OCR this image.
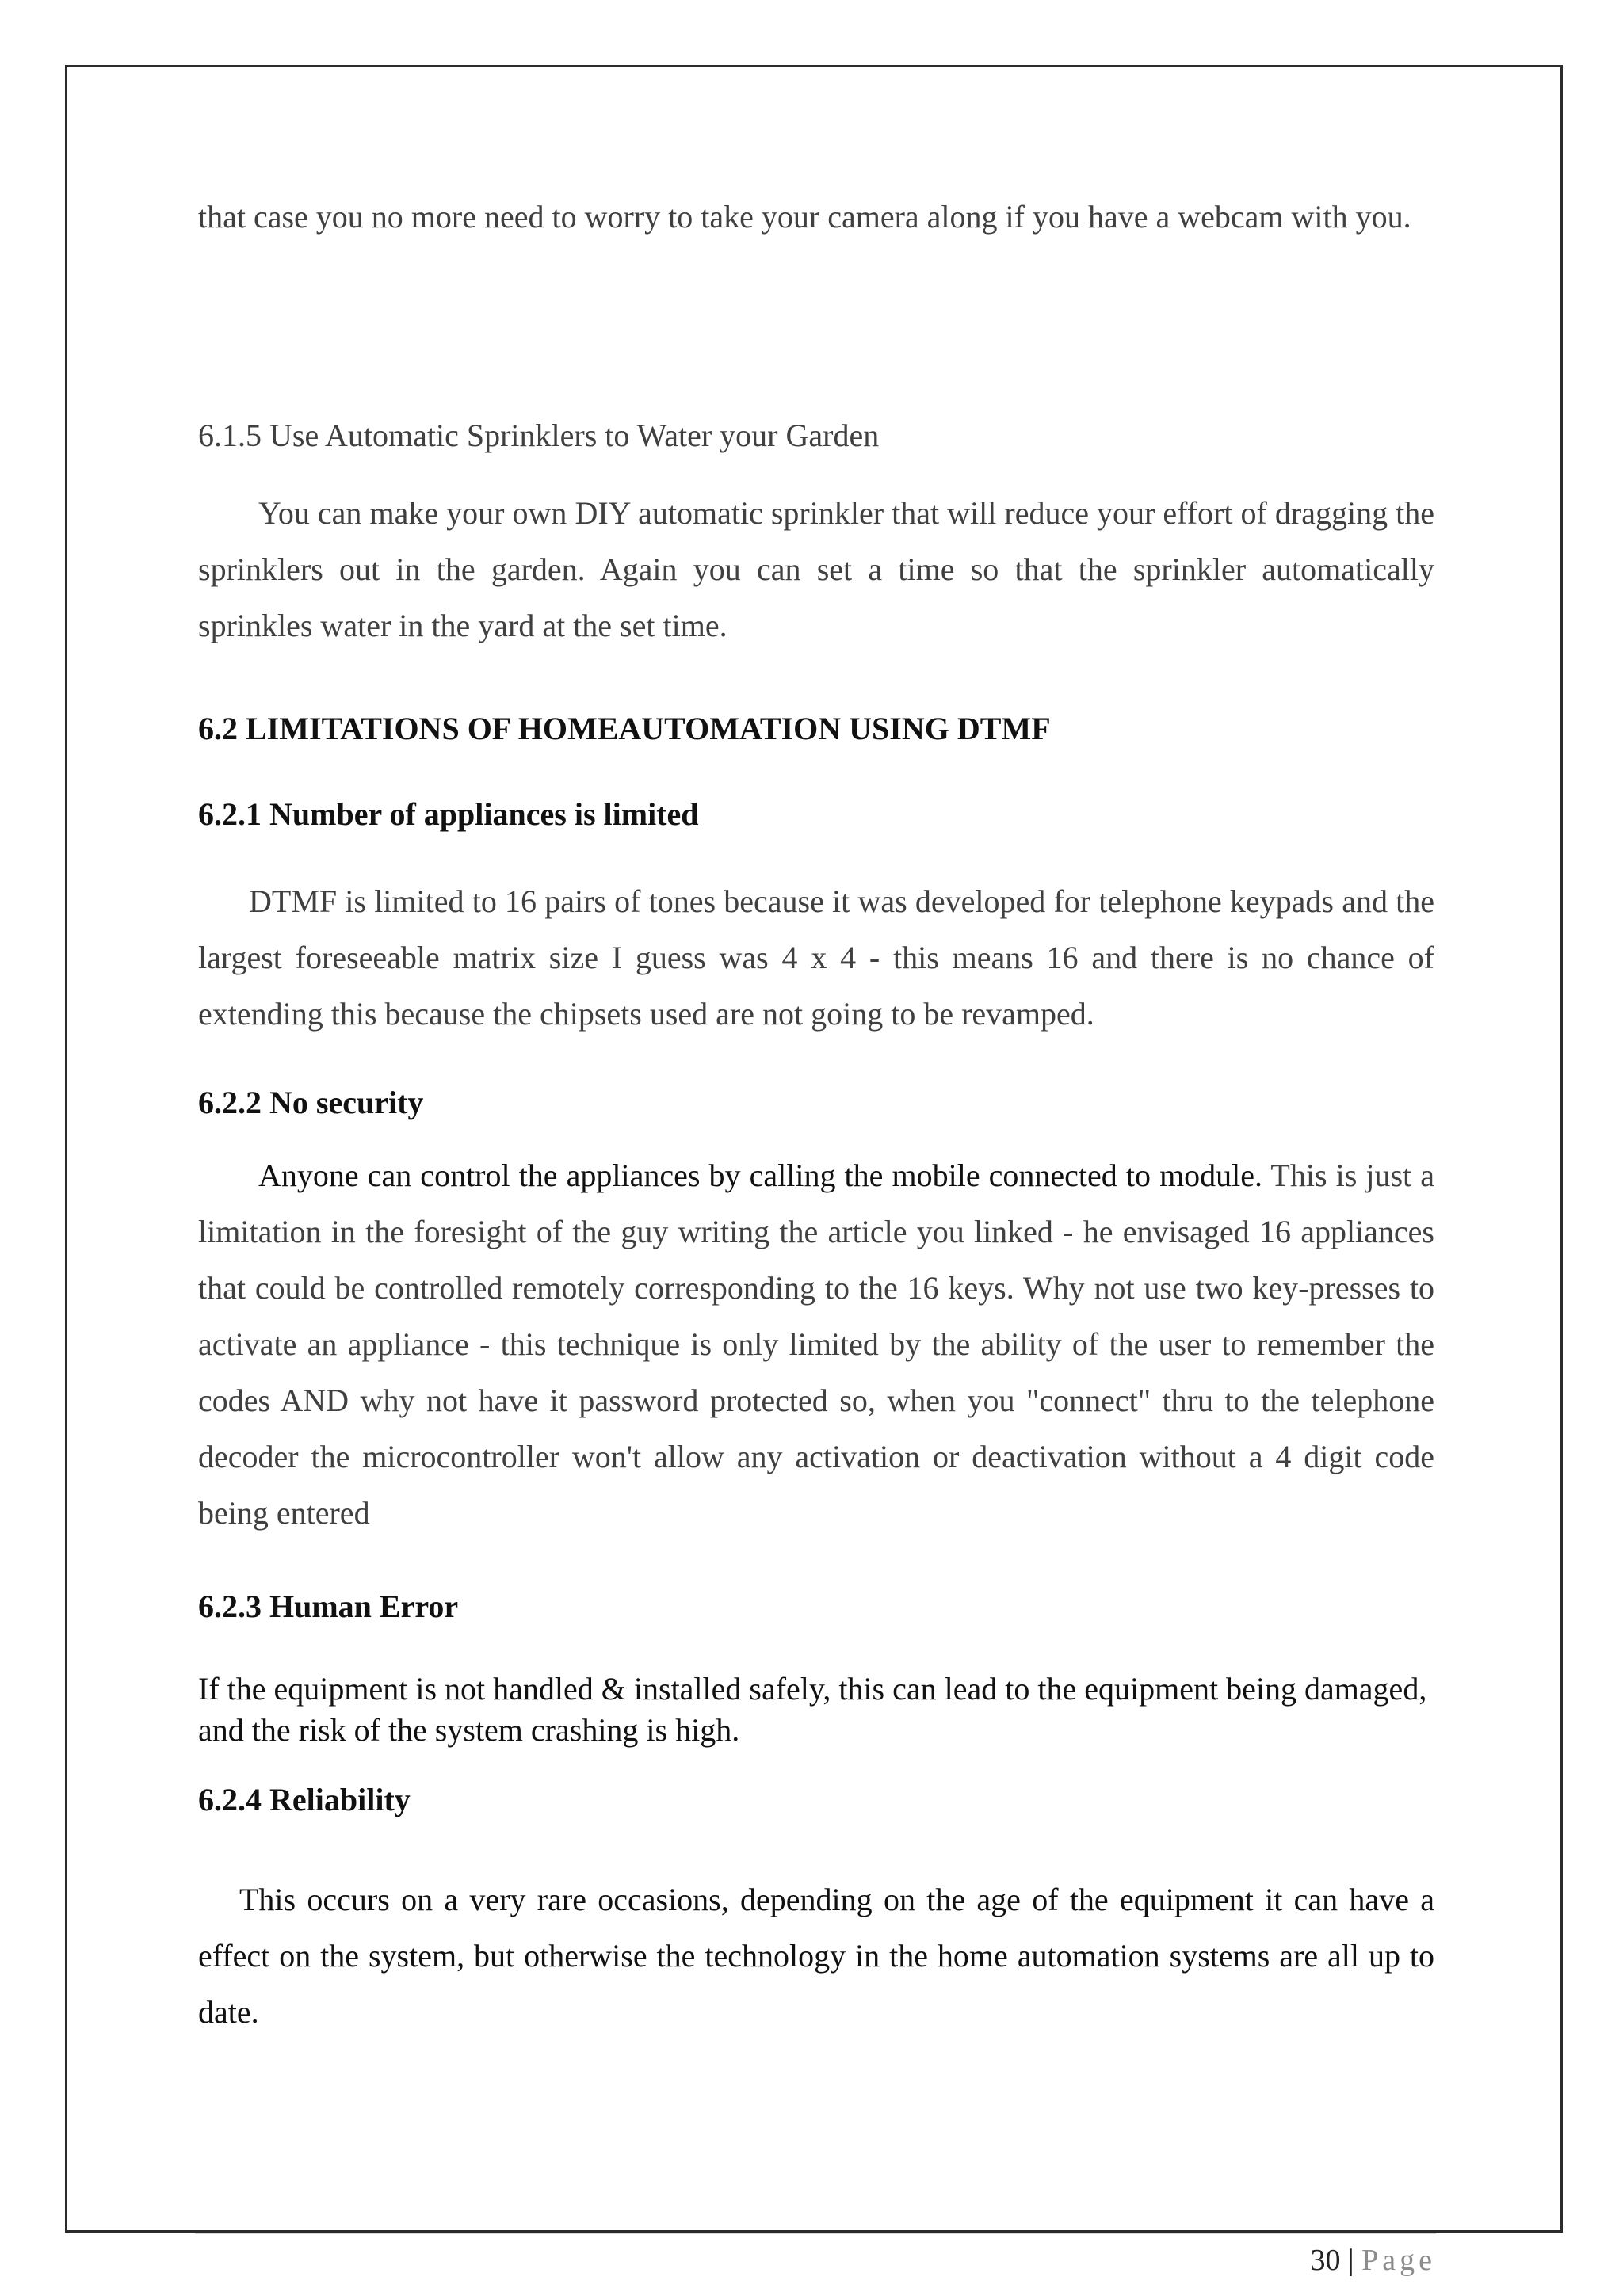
that case you no more need to worry to take your camera along if you have a webcam with you.

6.1.5 Use Automatic Sprinklers to Water your Garden

You can make your own DIY automatic sprinkler that will reduce your effort of dragging the sprinklers out in the garden. Again you can set a time so that the sprinkler automatically sprinkles water in the yard at the set time.

6.2 LIMITATIONS OF HOMEAUTOMATION USING DTMF

6.2.1 Number of appliances is limited

DTMF is limited to 16 pairs of tones because it was developed for telephone keypads and the largest foreseeable matrix size I guess was 4 x 4 - this means 16 and there is no chance of extending this because the chipsets used are not going to be revamped.

6.2.2 No security

Anyone can control the appliances by calling the mobile connected to module. This is just a limitation in the foresight of the guy writing the article you linked - he envisaged 16 appliances that could be controlled remotely corresponding to the 16 keys. Why not use two key-presses to activate an appliance - this technique is only limited by the ability of the user to remember the codes AND why not have it password protected so, when you "connect" thru to the telephone decoder the microcontroller won't allow any activation or deactivation without a 4 digit code being entered

6.2.3 Human Error

If the equipment is not handled & installed safely, this can lead to the equipment being damaged, and the risk of the system crashing is high.

6.2.4 Reliability

This occurs on a very rare occasions, depending on the age of the equipment it can have a effect on the system, but otherwise the technology in the home automation systems are all up to date.

30 | Page
